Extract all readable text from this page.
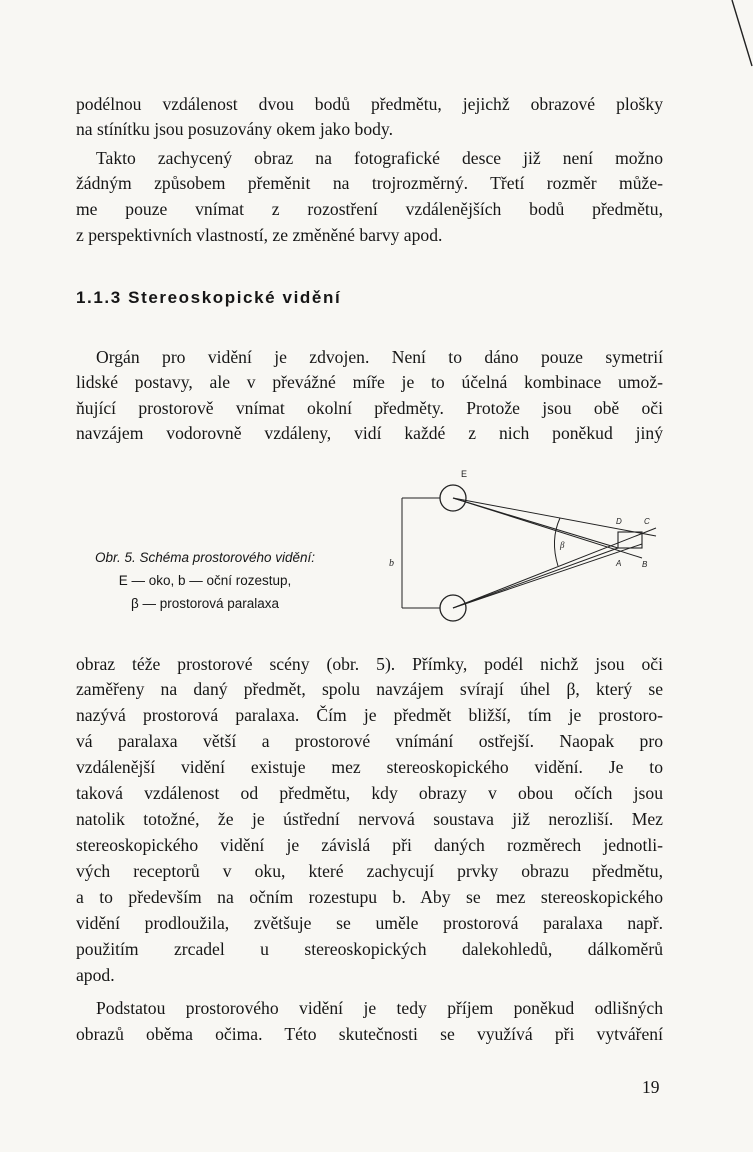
podélnou vzdálenost dvou bodů předmětu, jejichž obrazové plošky
na stínítku jsou posuzovány okem jako body.
Takto zachycený obraz na fotografické desce již není možno
žádným způsobem přeměnit na trojrozměrný. Třetí rozměr může-
me pouze vnímat z rozostření vzdálenějších bodů předmětu,
z perspektivních vlastností, ze změněné barvy apod.
1.1.3 Stereoskopické vidění
Orgán pro vidění je zdvojen. Není to dáno pouze symetrií
lidské postavy, ale v převážné míře je to účelná kombinace umož-
ňující prostorově vnímat okolní předměty. Protože jsou obě oči
navzájem vodorovně vzdáleny, vidí každé z nich poněkud jiný
Obr. 5. Schéma prostorového vidění:
E — oko, b — oční rozestup,
β — prostorová paralaxa
E
b
β
D	C
A	B
obraz téže prostorové scény (obr. 5). Přímky, podél nichž jsou oči
zaměřeny na daný předmět, spolu navzájem svírají úhel β, který se
nazývá prostorová paralaxa. Čím je předmět bližší, tím je prostoro-
vá paralaxa větší a prostorové vnímání ostřejší. Naopak pro
vzdálenější vidění existuje mez stereoskopického vidění. Je to
taková vzdálenost od předmětu, kdy obrazy v obou očích jsou
natolik totožné, že je ústřední nervová soustava již nerozliší. Mez
stereoskopického vidění je závislá při daných rozměrech jednotli-
vých receptorů v oku, které zachycují prvky obrazu předmětu,
a to především na očním rozestupu b. Aby se mez stereoskopického
vidění prodloužila, zvětšuje se uměle prostorová paralaxa např.
použitím zrcadel u stereoskopických dalekohledů, dálkoměrů
apod.
Podstatou prostorového vidění je tedy příjem poněkud odlišných
obrazů oběma očima. Této skutečnosti se využívá při vytváření
19
